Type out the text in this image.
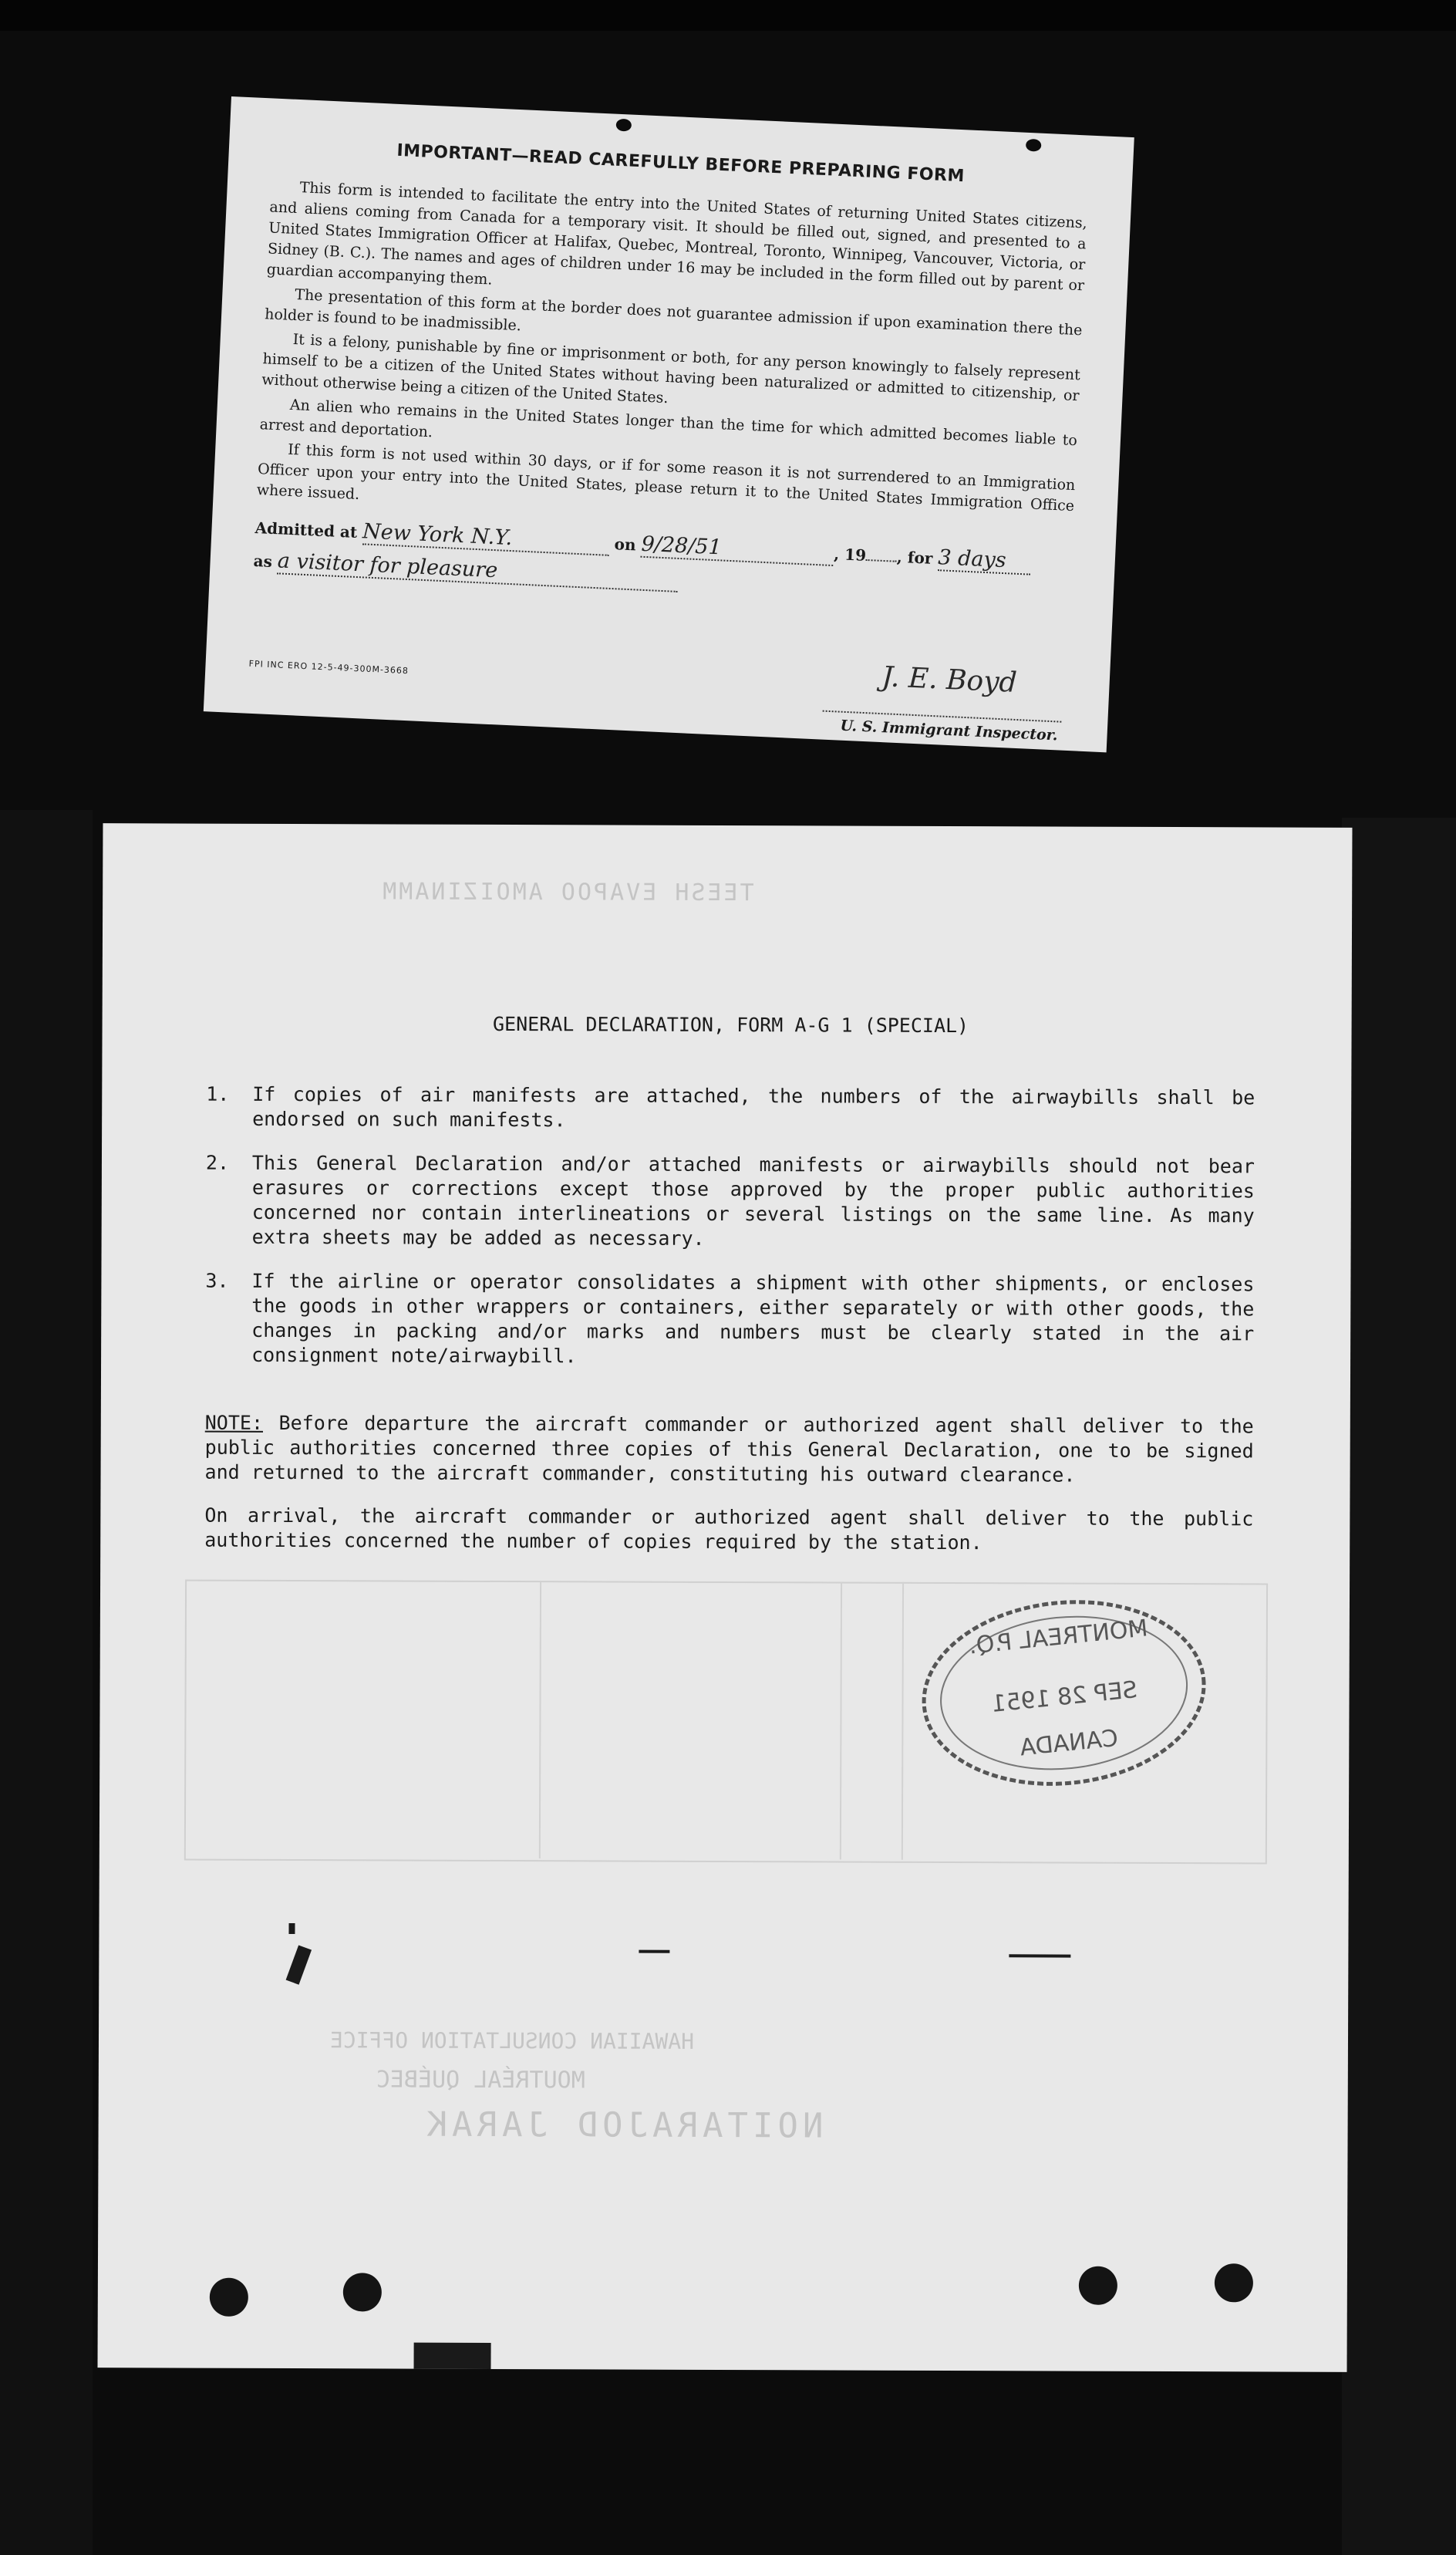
IMPORTANT—READ CAREFULLY BEFORE PREPARING FORM

This form is intended to facilitate the entry into the United States of returning United States citizens, and aliens coming from Canada for a temporary visit. It should be filled out, signed, and presented to a United States Immigration Officer at Halifax, Quebec, Montreal, Toronto, Winnipeg, Vancouver, Victoria, or Sidney (B. C.). The names and ages of children under 16 may be included in the form filled out by parent or guardian accompanying them.

The presentation of this form at the border does not guarantee admission if upon examination there the holder is found to be inadmissible.

It is a felony, punishable by fine or imprisonment or both, for any person knowingly to falsely represent himself to be a citizen of the United States without having been naturalized or admitted to citizenship, or without otherwise being a citizen of the United States.

An alien who remains in the United States longer than the time for which admitted becomes liable to arrest and deportation.

If this form is not used within 30 days, or if for some reason it is not surrendered to an Immigration Officer upon your entry into the United States, please return it to the United States Immigration Office where issued.

Admitted at New York N.Y.	on 9/28/51	, 19 , for 3 days
as a visitor for pleasure
FPI INC ERO 12-5-49-300M-3668	J. E. Boyd
U. S. Immigrant Inspector.
TEESH EVAPOO AMOIZINAMM
HAWAIIAN CONSULTATION OFFICE
MOUTRÉAL QUÉBEC
NOITARAJOD JARAK
GENERAL DECLARATION, FORM A-G 1 (SPECIAL)
1.	If copies of air manifests are attached, the numbers of the airwaybills shall be endorsed on such manifests.
2.	This General Declaration and/or attached manifests or airwaybills should not bear erasures or corrections except those approved by the proper public authorities concerned nor contain interlineations or several listings on the same line. As many extra sheets may be added as necessary.
3.	If the airline or operator consolidates a shipment with other shipments, or encloses the goods in other wrappers or containers, either separately or with other goods, the changes in packing and/or marks and numbers must be clearly stated in the air consignment note/airwaybill.
NOTE: Before departure the aircraft commander or authorized agent shall deliver to the public authorities concerned three copies of this General Declaration, one to be signed and returned to the aircraft commander, constituting his outward clearance.
On arrival, the aircraft commander or authorized agent shall deliver to the public authorities concerned the number of copies required by the station.
MONTREAL P.Q.
SEP 28 1951
CANADA
